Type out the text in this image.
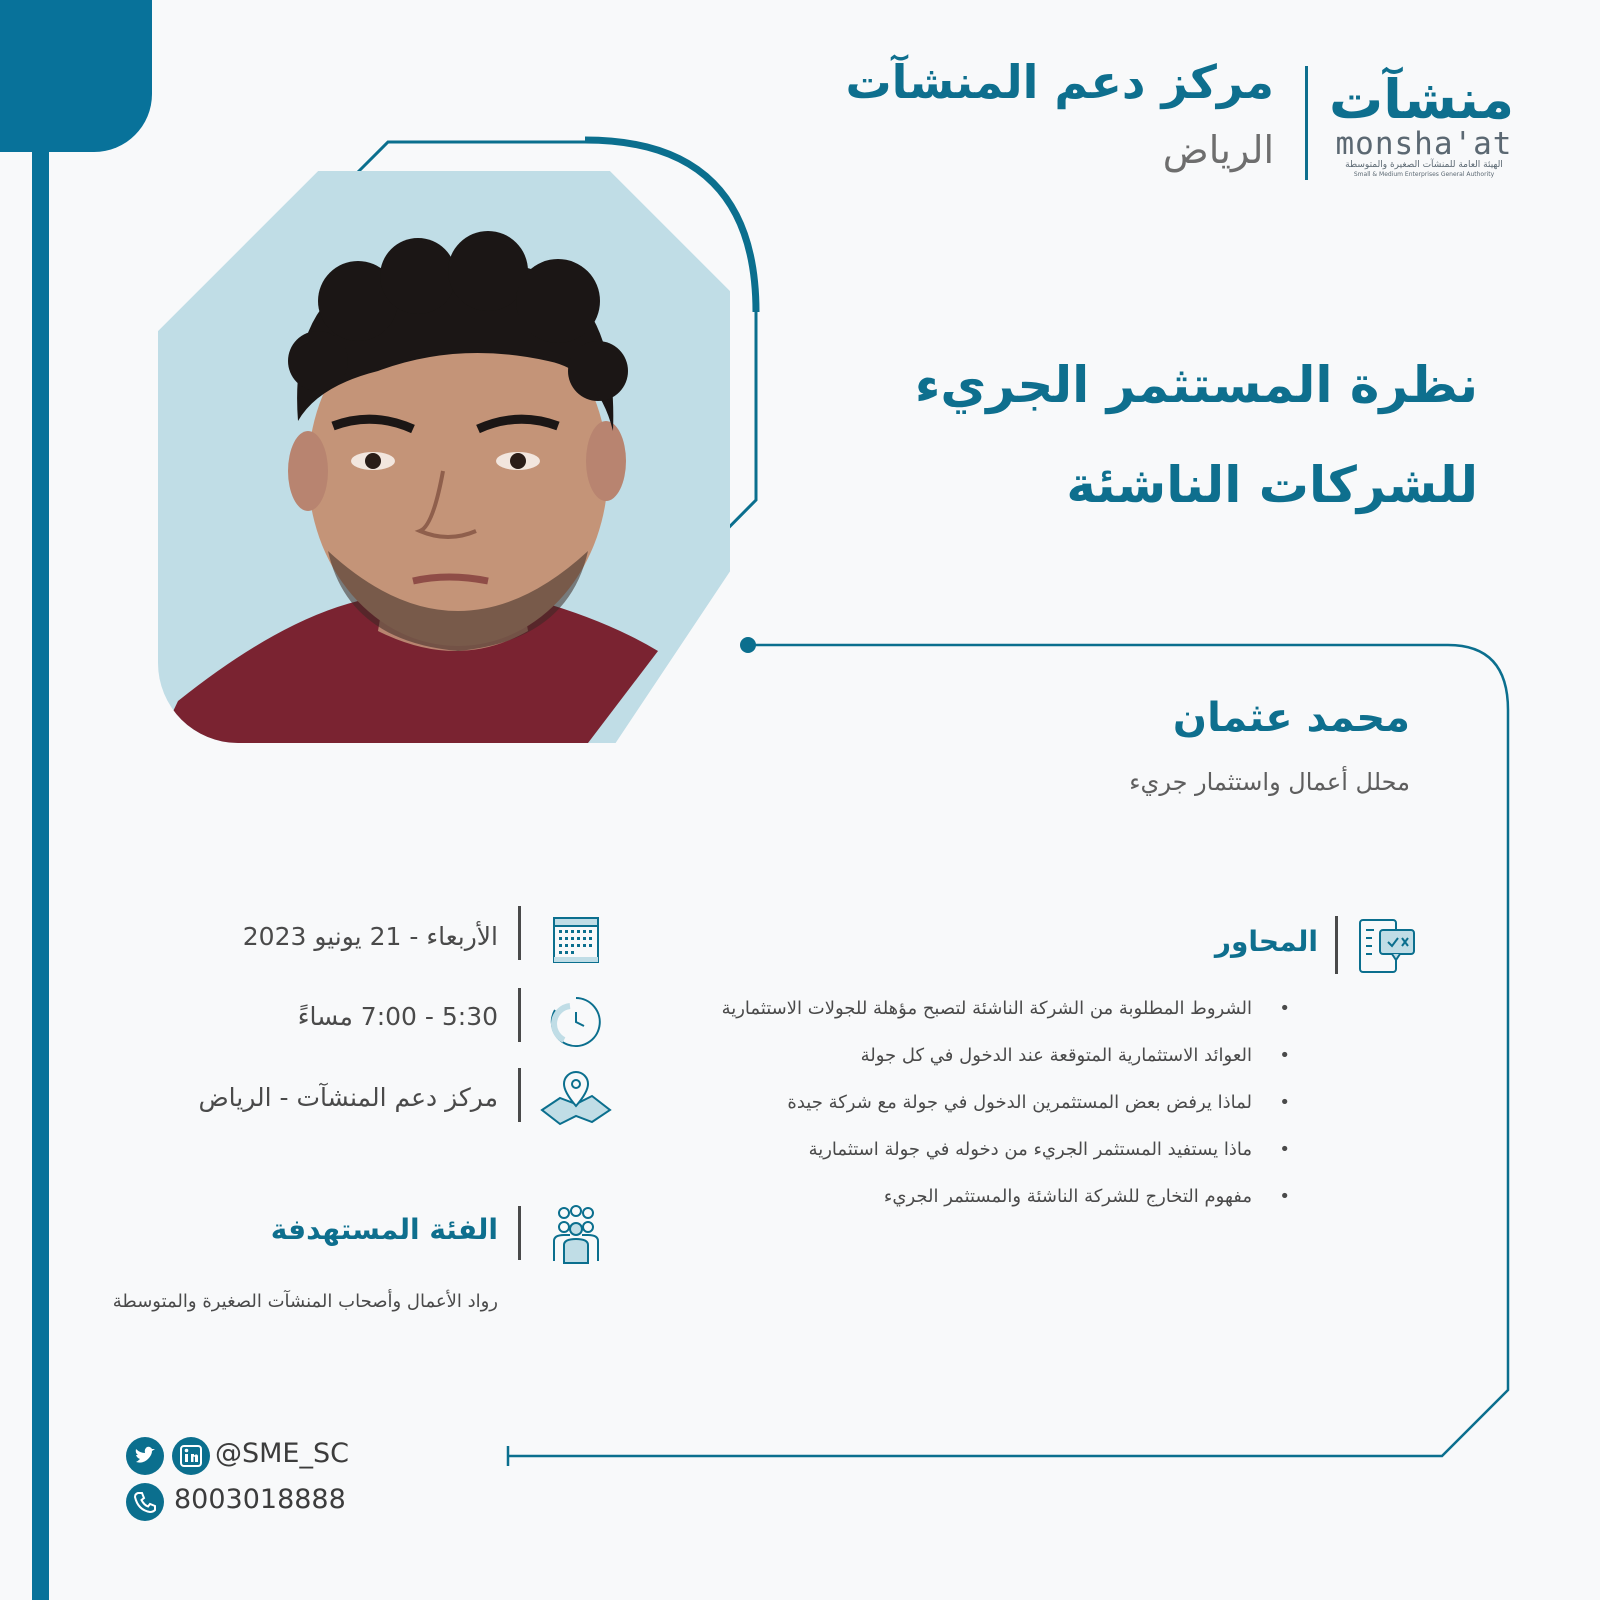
مركز دعم المنشآت
الرياض
منشآت
monsha'at
الهيئة العامة للمنشآت الصغيرة والمتوسطة
Small & Medium Enterprises General Authority
نظرة المستثمر الجريء للشركات الناشئة
محمد عثمان
محلل أعمال واستثمار جريء
المحاور
• الشروط المطلوبة من الشركة الناشئة لتصبح مؤهلة للجولات الاستثمارية
• العوائد الاستثمارية المتوقعة عند الدخول في كل جولة
• لماذا يرفض بعض المستثمرين الدخول في جولة مع شركة جيدة
• ماذا يستفيد المستثمر الجريء من دخوله في جولة استثمارية
• مفهوم التخارج للشركة الناشئة والمستثمر الجريء
الأربعاء - 21 يونيو 2023
5:30 - 7:00 مساءً
مركز دعم المنشآت - الرياض
الفئة المستهدفة
رواد الأعمال وأصحاب المنشآت الصغيرة والمتوسطة
@SME_SC
8003018888
